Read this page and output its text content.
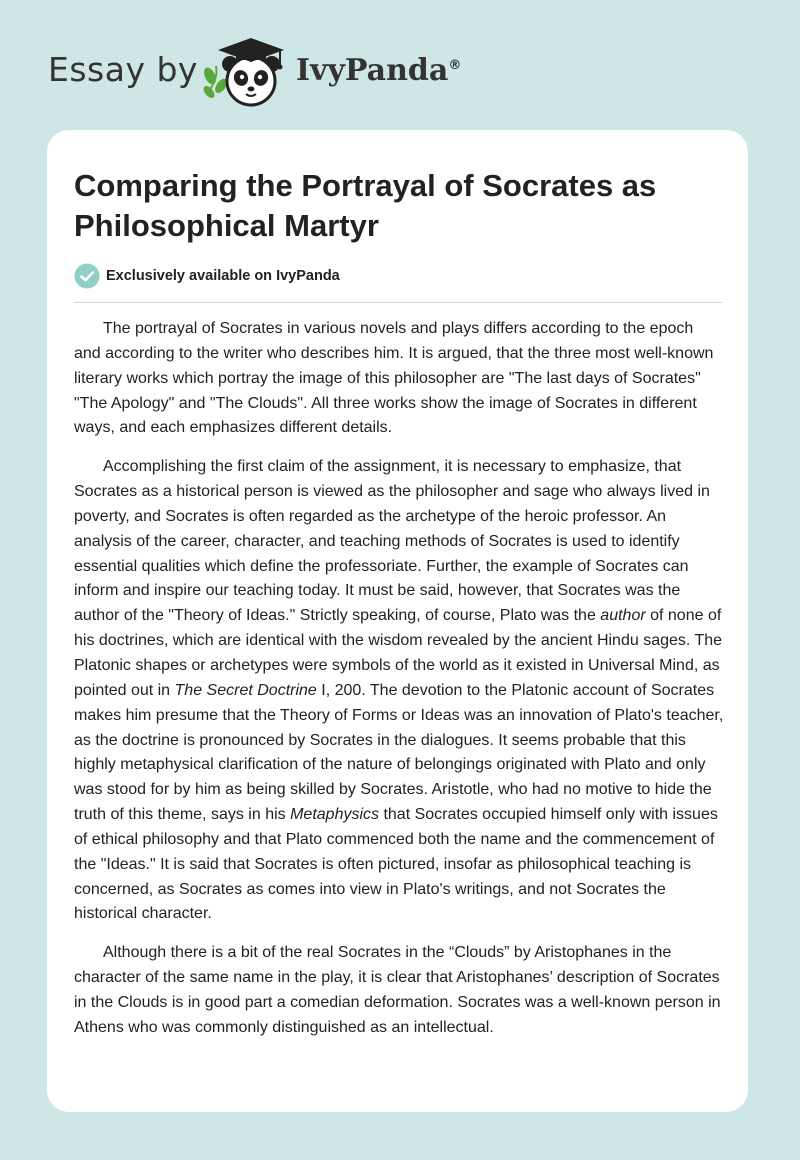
Essay by	IvyPanda®
Comparing the Portrayal of Socrates as Philosophical Martyr
Exclusively available on IvyPanda

The portrayal of Socrates in various novels and plays differs according to the epoch and according to the writer who describes him. It is argued, that the three most well-known literary works which portray the image of this philosopher are "The last days of Socrates" "The Apology" and "The Clouds". All three works show the image of Socrates in different ways, and each emphasizes different details.

Accomplishing the first claim of the assignment, it is necessary to emphasize, that Socrates as a historical person is viewed as the philosopher and sage who always lived in poverty, and Socrates is often regarded as the archetype of the heroic professor. An analysis of the career, character, and teaching methods of Socrates is used to identify essential qualities which define the professoriate. Further, the example of Socrates can inform and inspire our teaching today. It must be said, however, that Socrates was the author of the "Theory of Ideas." Strictly speaking, of course, Plato was the author of none of his doctrines, which are identical with the wisdom revealed by the ancient Hindu sages. The Platonic shapes or archetypes were symbols of the world as it existed in Universal Mind, as pointed out in The Secret Doctrine I, 200. The devotion to the Platonic account of Socrates makes him presume that the Theory of Forms or Ideas was an innovation of Plato's teacher, as the doctrine is pronounced by Socrates in the dialogues. It seems probable that this highly metaphysical clarification of the nature of belongings originated with Plato and only was stood for by him as being skilled by Socrates. Aristotle, who had no motive to hide the truth of this theme, says in his Metaphysics that Socrates occupied himself only with issues of ethical philosophy and that Plato commenced both the name and the commencement of the "Ideas." It is said that Socrates is often pictured, insofar as philosophical teaching is concerned, as Socrates as comes into view in Plato's writings, and not Socrates the historical character.

Although there is a bit of the real Socrates in the “Clouds” by Aristophanes in the character of the same name in the play, it is clear that Aristophanes’ description of Socrates in the Clouds is in good part a comedian deformation. Socrates was a well-known person in Athens who was commonly distinguished as an intellectual.
